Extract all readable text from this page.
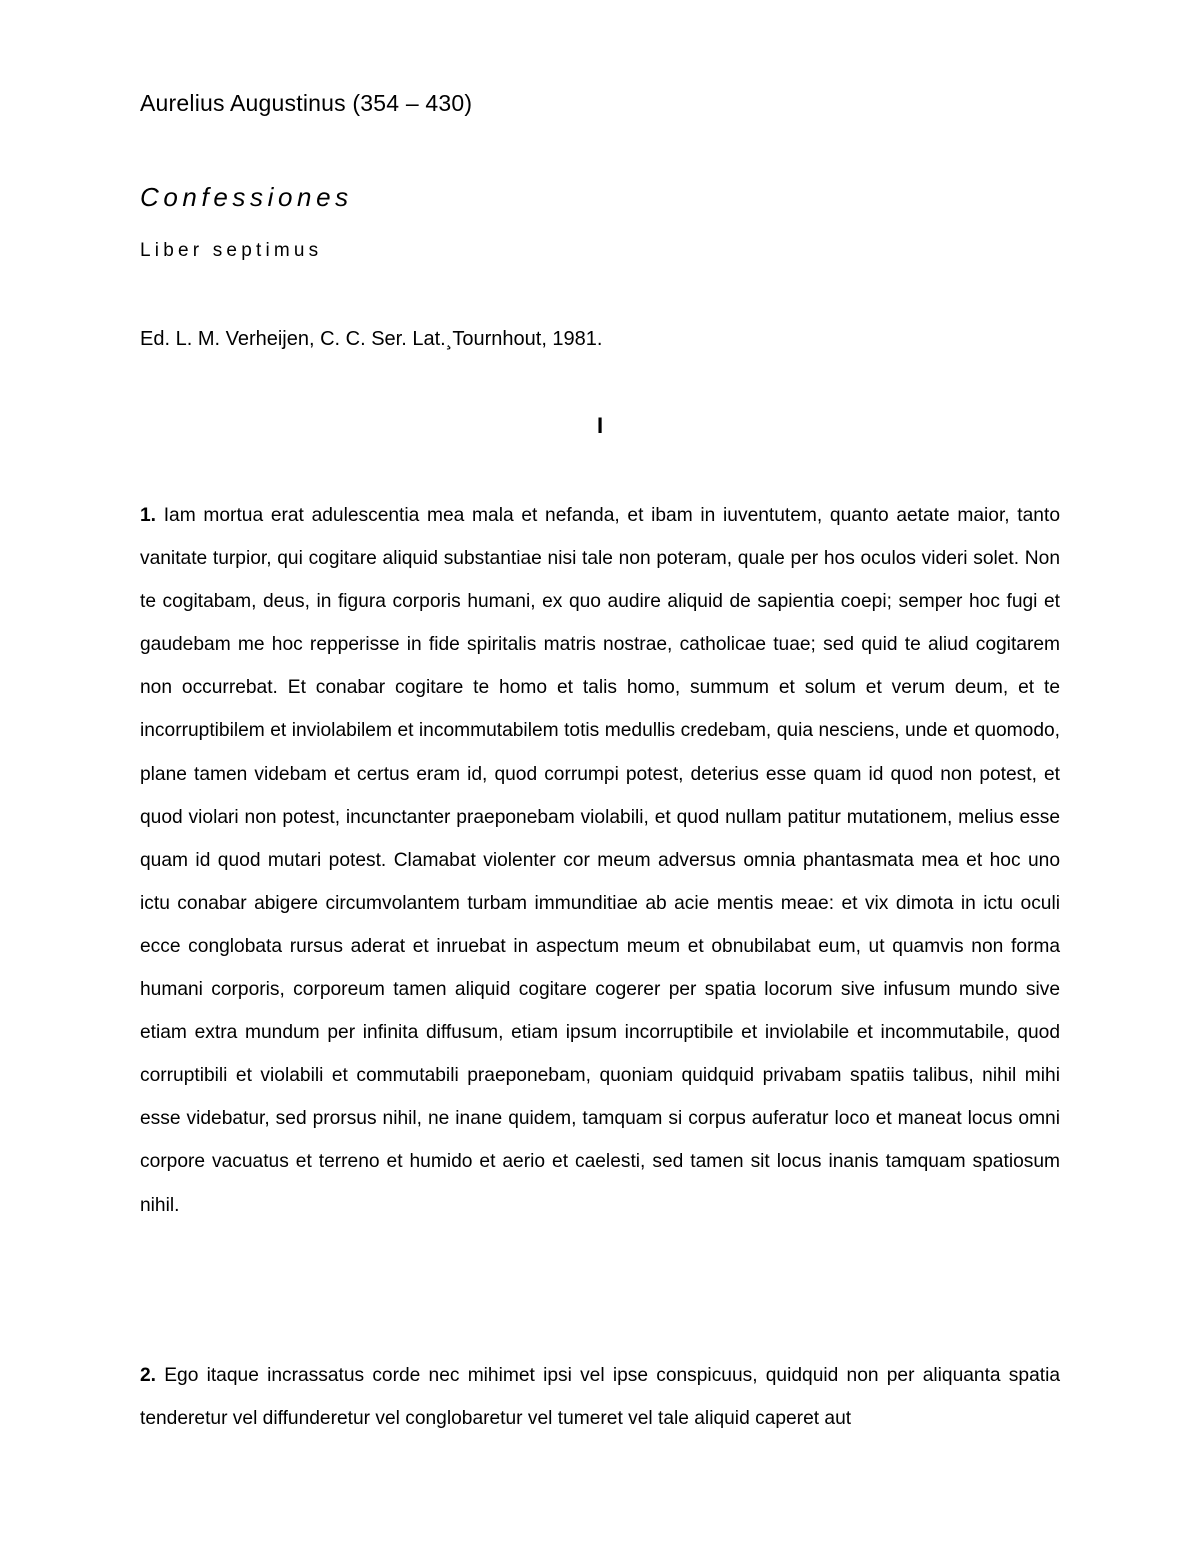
Aurelius Augustinus (354 – 430)
Confessiones
Liber septimus
Ed. L. M. Verheijen, C. C. Ser. Lat.¸Tournhout, 1981.
I

1. Iam mortua erat adulescentia mea mala et nefanda, et ibam in iuventutem, quanto aetate maior, tanto vanitate turpior, qui cogitare aliquid substantiae nisi tale non poteram, quale per hos oculos videri solet. Non te cogitabam, deus, in figura corporis humani, ex quo audire aliquid de sapientia coepi; semper hoc fugi et gaudebam me hoc repperisse in fide spiritalis matris nostrae, catholicae tuae; sed quid te aliud cogitarem non occurrebat. Et conabar cogitare te homo et talis homo, summum et solum et verum deum, et te incorruptibilem et inviolabilem et incommutabilem totis medullis credebam, quia nesciens, unde et quomodo, plane tamen videbam et certus eram id, quod corrumpi potest, deterius esse quam id quod non potest, et quod violari non potest, incunctanter praeponebam violabili, et quod nullam patitur mutationem, melius esse quam id quod mutari potest. Clamabat violenter cor meum adversus omnia phantasmata mea et hoc uno ictu conabar abigere circumvolantem turbam immunditiae ab acie mentis meae: et vix dimota in ictu oculi ecce conglobata rursus aderat et inruebat in aspectum meum et obnubilabat eum, ut quamvis non forma humani corporis, corporeum tamen aliquid cogitare cogerer per spatia locorum sive infusum mundo sive etiam extra mundum per infinita diffusum, etiam ipsum incorruptibile et inviolabile et incommutabile, quod corruptibili et violabili et commutabili praeponebam, quoniam quidquid privabam spatiis talibus, nihil mihi esse videbatur, sed prorsus nihil, ne inane quidem, tamquam si corpus auferatur loco et maneat locus omni corpore vacuatus et terreno et humido et aerio et caelesti, sed tamen sit locus inanis tamquam spatiosum nihil.

2. Ego itaque incrassatus corde nec mihimet ipsi vel ipse conspicuus, quidquid non per aliquanta spatia tenderetur vel diffunderetur vel conglobaretur vel tumeret vel tale aliquid caperet aut
